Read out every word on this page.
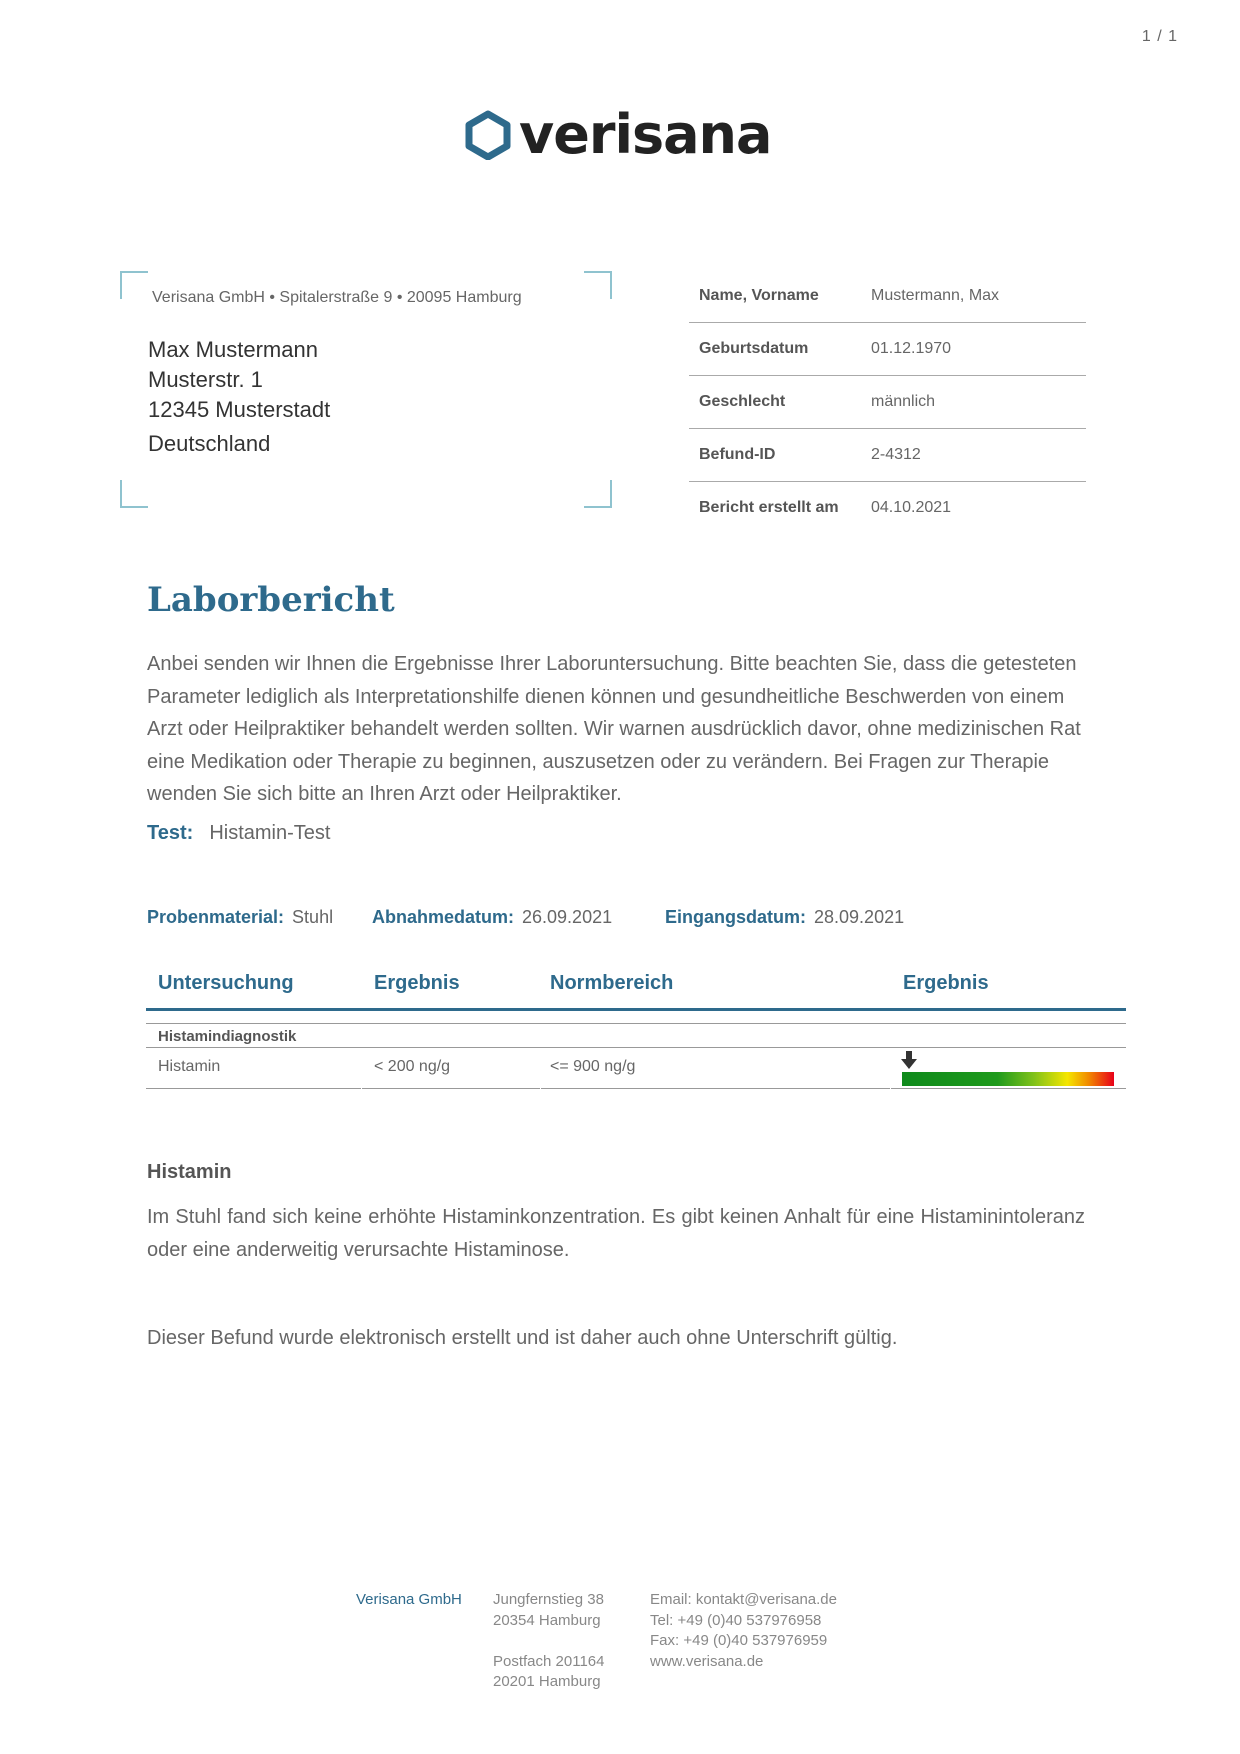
1 / 1
verisana
Verisana GmbH • Spitalerstraße 9 • 20095 Hamburg
Max Mustermann
Musterstr. 1
12345 Musterstadt
Deutschland
Name, Vorname	Mustermann, Max
Geburtsdatum	01.12.1970
Geschlecht	männlich
Befund-ID	2-4312
Bericht erstellt am	04.10.2021
Laborbericht
Anbei senden wir Ihnen die Ergebnisse Ihrer Laboruntersuchung. Bitte beachten Sie, dass die getesteten Parameter lediglich als Interpretationshilfe dienen können und gesundheitliche Beschwerden von einem Arzt oder Heilpraktiker behandelt werden sollten. Wir warnen ausdrücklich davor, ohne medizinischen Rat eine Medikation oder Therapie zu beginnen, auszusetzen oder zu verändern. Bei Fragen zur Therapie wenden Sie sich bitte an Ihren Arzt oder Heilpraktiker.
Test: Histamin-Test
Probenmaterial: Stuhl Abnahmedatum: 26.09.2021	Eingangsdatum: 28.09.2021
Untersuchung	Ergebnis	Normbereich	Ergebnis
Histamindiagnostik
Histamin	< 200 ng/g	<= 900 ng/g
Histamin
Im Stuhl fand sich keine erhöhte Histaminkonzentration. Es gibt keinen Anhalt für eine Histaminintoleranz oder eine anderweitig verursachte Histaminose.
Dieser Befund wurde elektronisch erstellt und ist daher auch ohne Unterschrift gültig.
Verisana GmbH Jungfernstieg 38
20354 Hamburg

Postfach 201164
20201 Hamburg
Email: kontakt@verisana.de
Tel: +49 (0)40 537976958
Fax: +49 (0)40 537976959
www.verisana.de
